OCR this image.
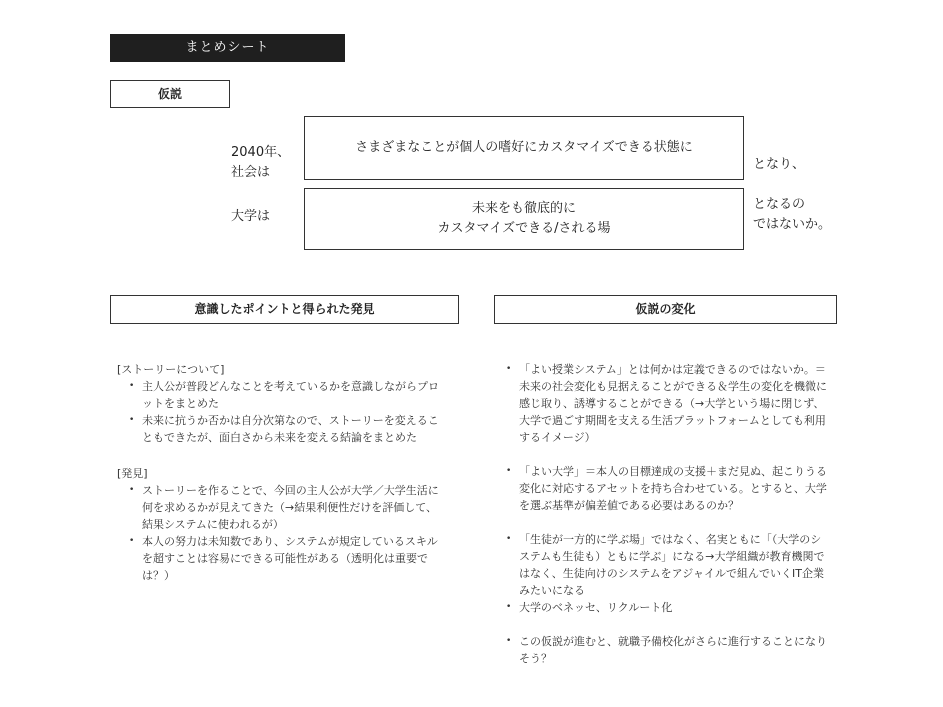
まとめシート
仮説
2040年、
社会は
さまざまなことが個人の嗜好にカスタマイズできる状態に
となり、
大学は
未来をも徹底的に
カスタマイズできる/される場
となるの
ではないか。
意識したポイントと得られた発見	仮説の変化
[ストーリーについて]
• 主人公が普段どんなことを考えているかを意識しながらプロットをまとめた
• 未来に抗うか否かは自分次第なので、ストーリーを変えることもできたが、面白さから未来を変える結論をまとめた
[発見]
• ストーリーを作ることで、今回の主人公が大学／大学生活に何を求めるかが見えてきた（→結果利便性だけを評価して、結果システムに使われるが）
• 本人の努力は未知数であり、システムが規定しているスキルを超すことは容易にできる可能性がある（透明化は重要では？）
• 「よい授業システム」とは何かは定義できるのではないか。＝未来の社会変化も見据えることができる＆学生の変化を機微に感じ取り、誘導することができる（→大学という場に閉じず、大学で過ごす期間を支える生活プラットフォームとしても利用するイメージ）
• 「よい大学」＝本人の目標達成の支援＋まだ見ぬ、起こりうる変化に対応するアセットを持ち合わせている。とすると、大学を選ぶ基準が偏差値である必要はあるのか？
• 「生徒が一方的に学ぶ場」ではなく、名実ともに「（大学のシステムも生徒も）ともに学ぶ」になる→大学組織が教育機関ではなく、生徒向けのシステムをアジャイルで組んでいくIT企業みたいになる
• 大学のベネッセ、リクルート化
• この仮説が進むと、就職予備校化がさらに進行することになりそう？
